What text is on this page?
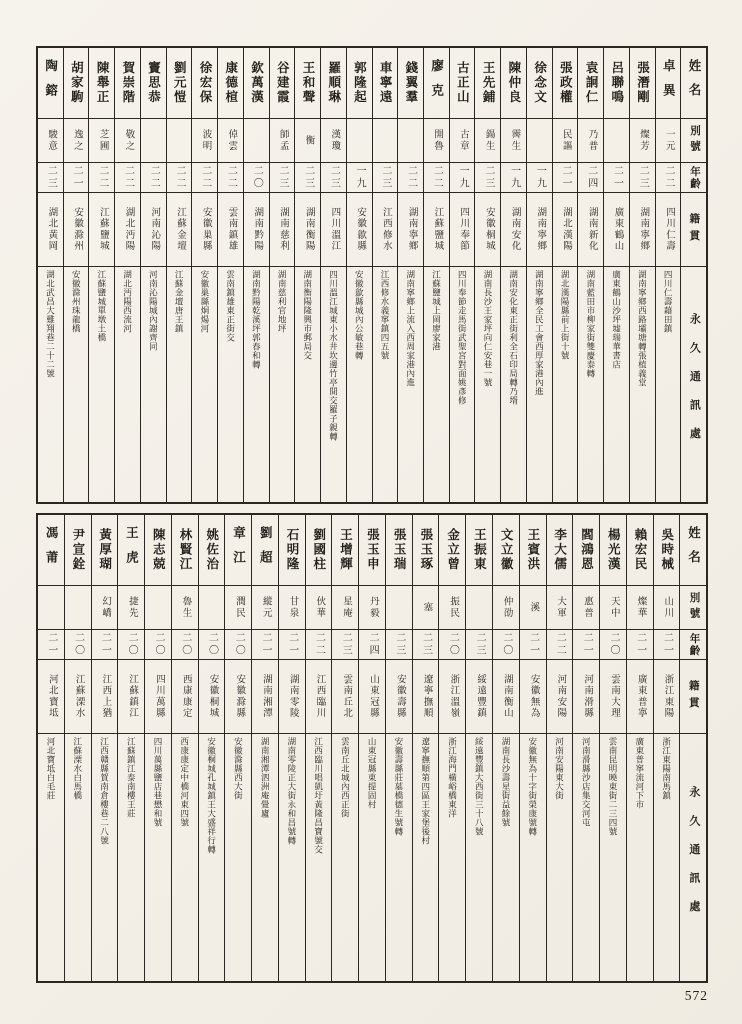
陶鎔
駿意
二三
湖北黃岡
湖北武昌大雞翔巷二十二號
胡家駒
逸之
二一
安徽滁州
安徽滁州珠龍橋
陳舉正
芝圃
二二
江蘇鹽城
江蘇鹽城單墩土橋
賀崇階
敬之
二二
湖北沔陽
湖北沔陽西流河
竇思恭
二二
河南沁陽
河南沁陽城內謝齊同
劉元愷
二二
江蘇金壇
江蘇金壇唐王鎮
徐宏保
波明
二二
安徽巢縣
安徽巢縣烔煬河
康德楦
倬雲
二二
雲南鎮雄
雲南鎮雄東正街交
欽萬漢
二〇
湖南黔陽
湖南黔陽乾溪坪郭春和轉
谷建霞
師孟
二三
湖南慈利
湖南慈利官地坪
王和聲
衡
二三
湖南衡陽
湖南衡陽隆興市郵局交
羅順琳
漢瓊
二三
四川溫江
四川溫江城東小水井坎邊竹亭間交羅子親轉
郭隆起
一九
安徽歙縣
安徽歙縣城內公敏巷轉
車寧遠
二三
江西修水
江西修水義寧鎮四五號
錢翼羣
二二
湖南寧鄉
湖南寧鄉上流入西周家港內進
廖克
開魯
二二
江蘇鹽城
江蘇鹽城上岡廖家港
古正山
古章
一九
四川奉節
四川奉節走馬街武聖宮對面姚彥修
王先鋪
鍚生
二三
安徽桐城
湖南長沙王家坪向仁安巷一號
陳仲良
霽生
一九
湖南安化
湖南安化東正街利全石印局轉乃壻
徐念文
一九
湖南寧鄉
湖南寧鄉全民工會西厚家港內進
張政權
民謳
二一
湖北漢陽
湖北漢陽縣前上街十號
袁詗仁
乃普
二四
湖南新化
湖南藍田市柳家街雙慶泰轉
呂聯鳴
二一
廣東鶴山
廣東鶴山沙坪墟瑞華書店
張潛剛
燦芳
二三
湖南寧鄉
湖南寧鄉西路壩塘轉張植義堂
卓異
一元
二二
四川仁壽
四川仁壽藉田鎮
姓名
別號
年齡
籍貫
永久通訊處
馮莆
二一
河北寶坻
河北寶坻白毛莊
尹宣銓
二〇
江蘇溧水
江蘇溧水白馬橋
黃厚瑚
幻嶠
二一
江西上猶
江西贛縣賀南倉樓巷二八號
王虎
捷先
二〇
江蘇鎮江
江蘇鎮江泰南樓王莊
陳志兢
二〇
四川萬縣
四川萬縣鹽店巷懋和號
林賢江
魯生
二〇
西康康定
西康康定中橋河東四號
姚佐治
二〇
安徽桐城
安徽桐城孔城鎮王大盛祥行轉
章江
潤民
二〇
安徽滁縣
安徽滁縣西大街
劉超
縱元
二一
湖南湘潭
湖南湘潭泗洲庵覺廬
石明隆
甘泉
二一
湖南零陵
湖南零陵正大街永和昌號轉
劉國柱
伙華
二二
江西臨川
江西臨川唱凱圩黃隆昌寶號交
王增輝
星庵
二三
雲南丘北
雲南丘北城內西正街
張玉申
丹毅
二四
山東冠縣
山東冠縣東提固村
張玉瑞
二三
安徽壽縣
安徽壽縣莊墓橋德生號轉
張玉琢
塞
二三
遼寧撫順
遼寧撫順第四區王家堡後村
金立曾
振民
二〇
浙江溫嶺
浙江海門橫峪橋東洋
王振東
二三
綏遠豐鎮
綏遠豐鎮大西街三十八號
文立徽
仲劭
二〇
湖南衡山
湖南長沙壽星街益餘號
王賓洪
溪
二一
安徽無為
安徽無為十字街榮康號轉
李大儒
大軍
二二
河南安陽
河南安陽東大街
閻鴻恩
惠普
二一
河南滑縣
河南滑縣沙店集交河屯
楊光漢
天中
二〇
雲南大理
雲南昆明曉東街二三四號
賴宏民
燦華
二一
廣東普寧
廣東普寧流河下市
吳時械
山川
二一
浙江東陽
浙江東陽南馬鎮
姓名
別號
年齡
籍貫
永久通訊處
572
